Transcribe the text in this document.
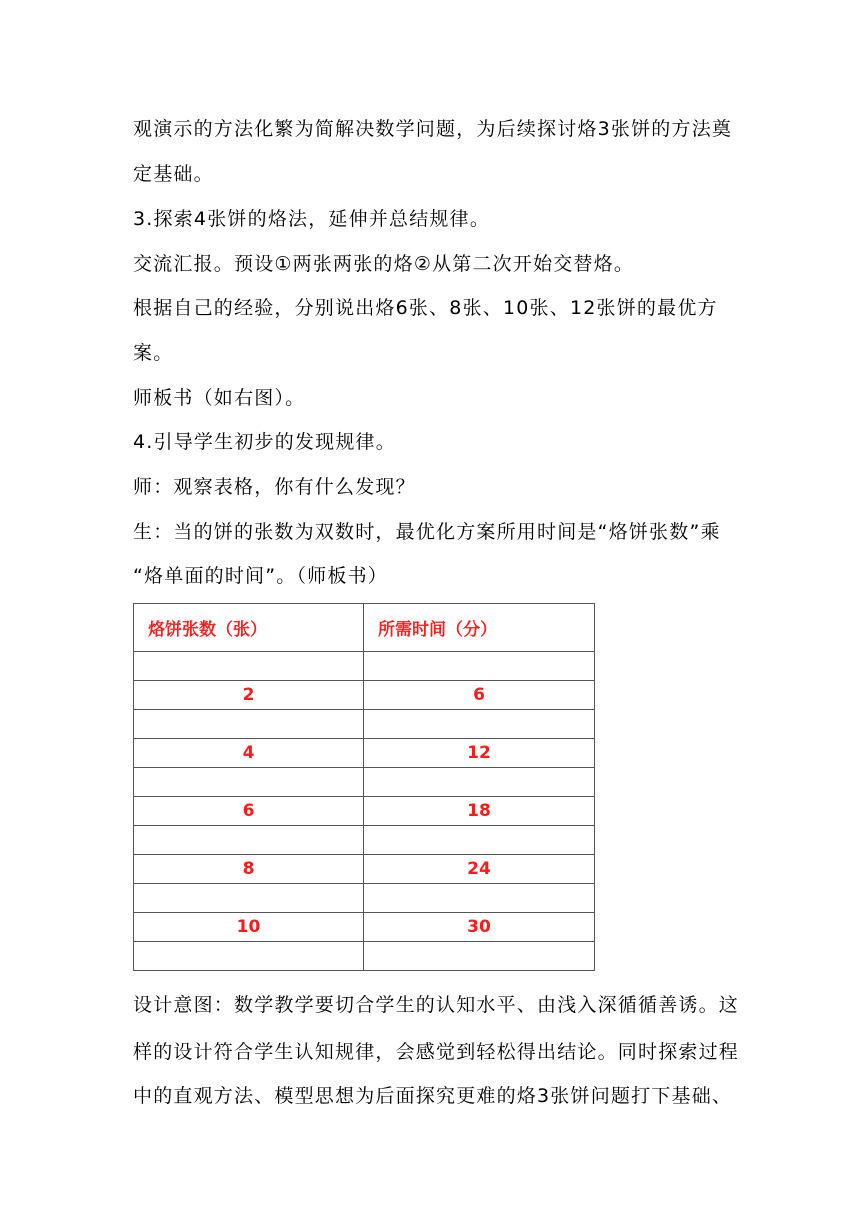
观演示的方法化繁为简解决数学问题，为后续探讨烙3张饼的方法奠
定基础。
3.探索4张饼的烙法，延伸并总结规律。
交流汇报。预设①两张两张的烙②从第二次开始交替烙。
根据自己的经验，分别说出烙6张、8张、10张、12张饼的最优方
案。
师板书（如右图）。
4.引导学生初步的发现规律。
师：观察表格，你有什么发现？
生：当的饼的张数为双数时，最优化方案所用时间是“烙饼张数”乘
“烙单面的时间”。（师板书）
烙饼张数（张）	所需时间（分）

2	6

4	12

6	18

8	24

10	30

设计意图：数学教学要切合学生的认知水平、由浅入深循循善诱。这
样的设计符合学生认知规律，会感觉到轻松得出结论。同时探索过程
中的直观方法、模型思想为后面探究更难的烙3张饼问题打下基础、
